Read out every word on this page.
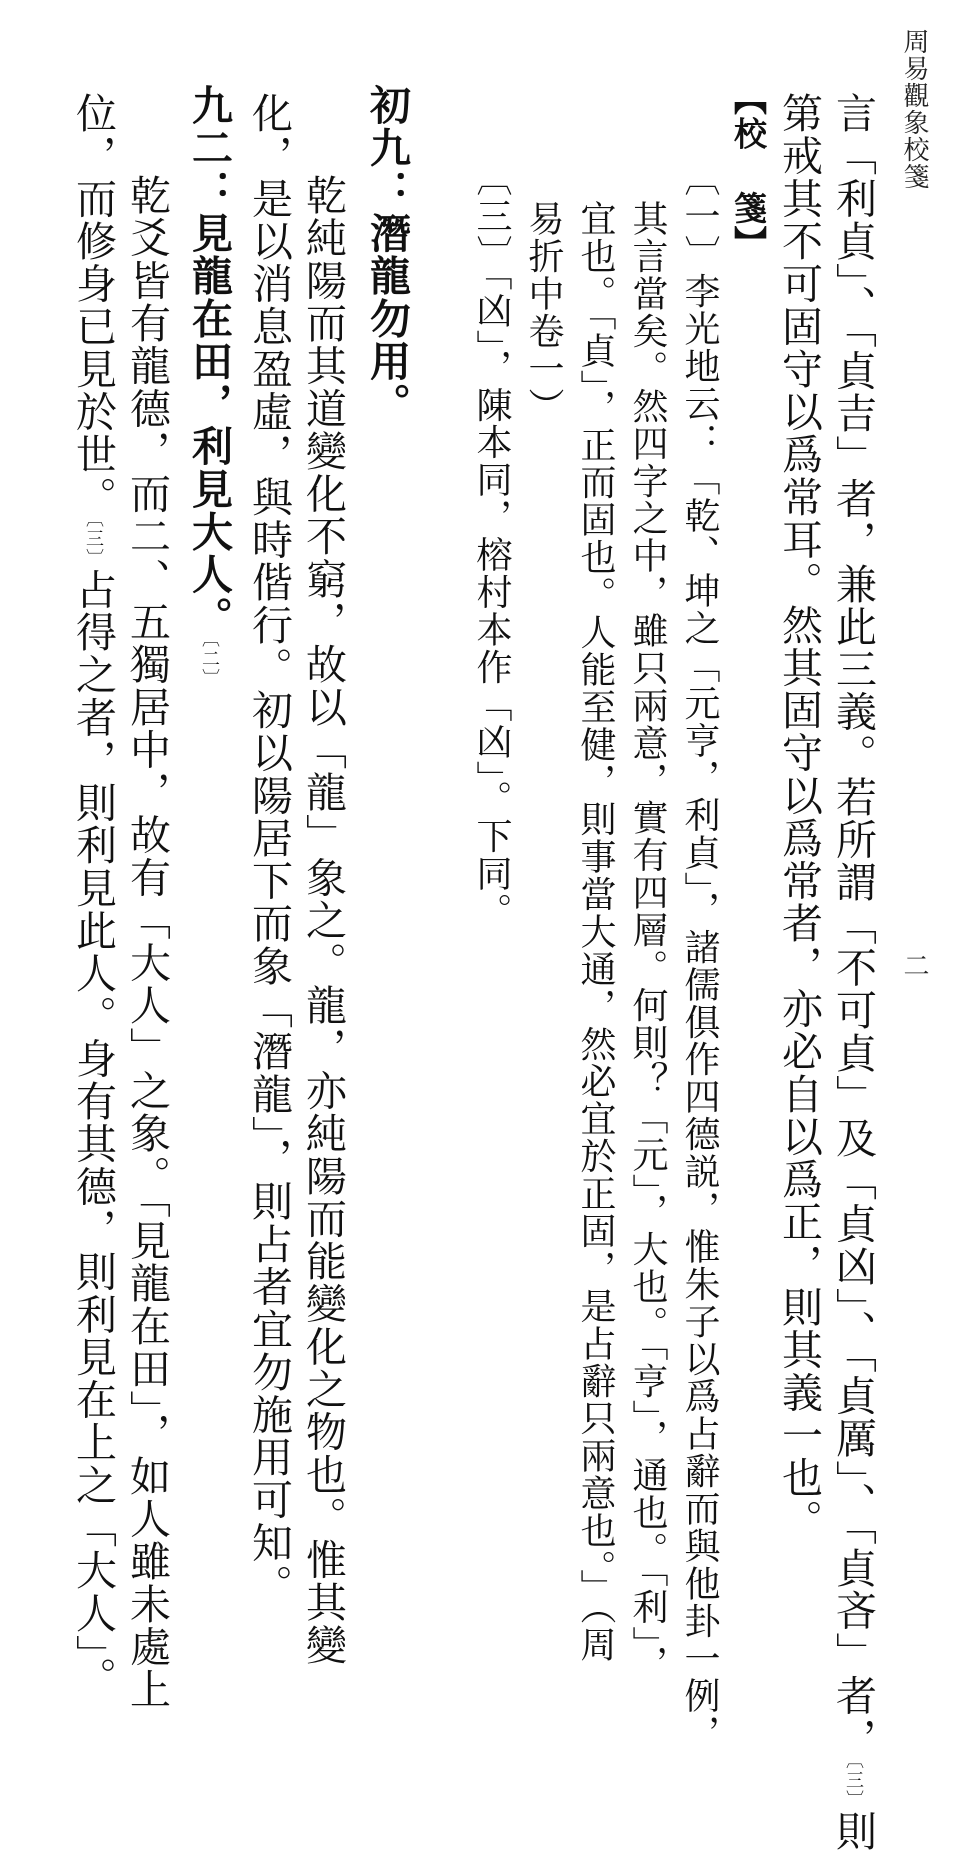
周易觀象校箋
二
言「利貞」、「貞吉」者，兼此三義。若所謂「不可貞」及「貞凶」、「貞厲」、「貞吝」者，〔三〕則
第戒其不可固守以爲常耳。然其固守以爲常者，亦必自以爲正，則其義一也。
【校 箋】
〔一〕李光地云：「乾、坤之「元亨，利貞」，諸儒俱作四德説，惟朱子以爲占辭而與他卦一例，
其言當矣。然四字之中，雖只兩意，實有四層。何則？「元」，大也。「亨」，通也。「利」，
宜也。「貞」，正而固也。人能至健，則事當大通，然必宜於正固，是占辭只兩意也。」（周
易折中卷一）
〔三〕「凶」，陳本同，榕村本作「凶」。下同。
初九：潛龍勿用。
乾純陽而其道變化不窮，故以「龍」象之。龍，亦純陽而能變化之物也。惟其變
化，是以消息盈虛，與時偕行。初以陽居下而象「潛龍」，則占者宜勿施用可知。
九二：見龍在田，利見大人。〔二〕
乾爻皆有龍德，而二、五獨居中，故有「大人」之象。「見龍在田」，如人雖未處上
位，而修身已見於世。〔三〕占得之者，則利見此人。身有其德，則利見在上之「大人」。
